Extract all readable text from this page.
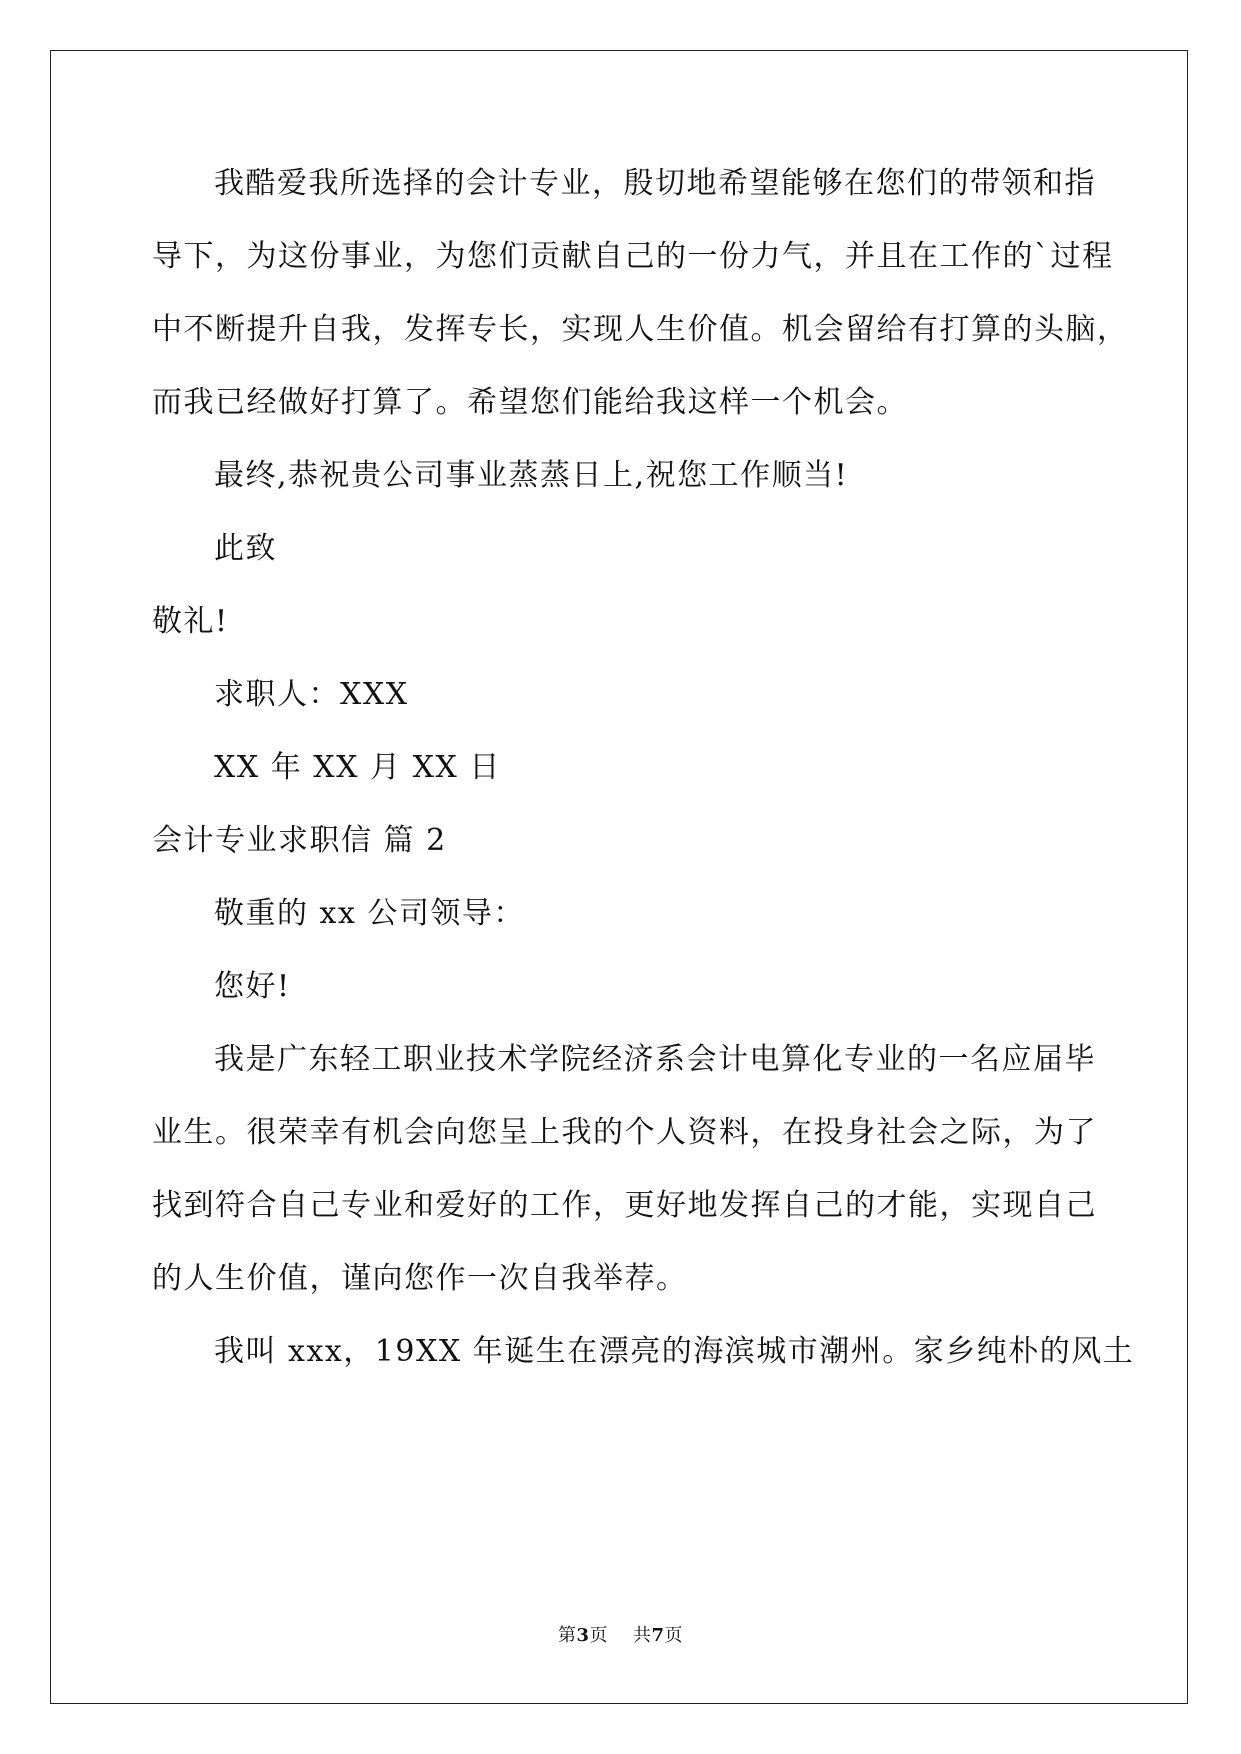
我酷爱我所选择的会计专业，殷切地希望能够在您们的带领和指
导下，为这份事业，为您们贡献自己的一份力气，并且在工作的`过程
中不断提升自我，发挥专长，实现人生价值。机会留给有打算的头脑，
而我已经做好打算了。希望您们能给我这样一个机会。
最终,恭祝贵公司事业蒸蒸日上,祝您工作顺当!
此致
敬礼!
求职人：XXX
XX 年 XX 月 XX 日
会计专业求职信 篇 2
敬重的 xx 公司领导：
您好!
我是广东轻工职业技术学院经济系会计电算化专业的一名应届毕
业生。很荣幸有机会向您呈上我的个人资料，在投身社会之际，为了
找到符合自己专业和爱好的工作，更好地发挥自己的才能，实现自己
的人生价值，谨向您作一次自我举荐。
我叫 xxx，19XX 年诞生在漂亮的海滨城市潮州。家乡纯朴的风土
第3页 共7页
